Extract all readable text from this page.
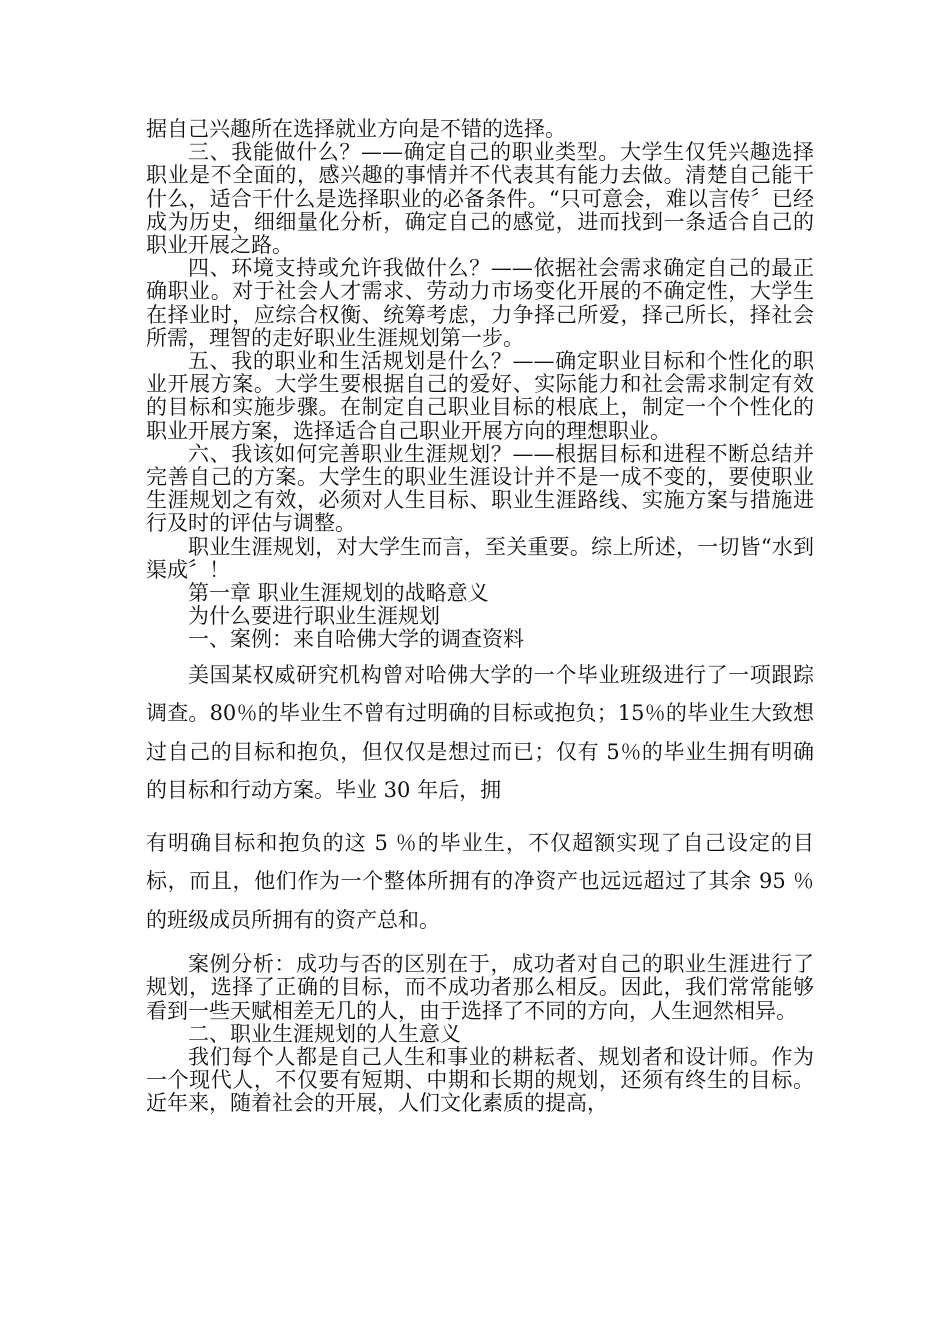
据自己兴趣所在选择就业方向是不错的选择。

三、我能做什么？——确定自己的职业类型。大学生仅凭兴趣选择职业是不全面的，感兴趣的事情并不代表其有能力去做。清楚自己能干什么，适合干什么是选择职业的必备条件。“只可意会，难以言传〞已经成为历史，细细量化分析，确定自己的感觉，进而找到一条适合自己的职业开展之路。

四、环境支持或允许我做什么？——依据社会需求确定自己的最正确职业。对于社会人才需求、劳动力市场变化开展的不确定性，大学生在择业时，应综合权衡、统筹考虑，力争择己所爱，择己所长，择社会所需，理智的走好职业生涯规划第一步。

五、我的职业和生活规划是什么？——确定职业目标和个性化的职业开展方案。大学生要根据自己的爱好、实际能力和社会需求制定有效的目标和实施步骤。在制定自己职业目标的根底上，制定一个个性化的职业开展方案，选择适合自己职业开展方向的理想职业。

六、我该如何完善职业生涯规划？——根据目标和进程不断总结并完善自己的方案。大学生的职业生涯设计并不是一成不变的，要使职业生涯规划之有效，必须对人生目标、职业生涯路线、实施方案与措施进行及时的评估与调整。

职业生涯规划，对大学生而言，至关重要。综上所述，一切皆“水到渠成〞！

第一章 职业生涯规划的战略意义

为什么要进行职业生涯规划

一、案例：来自哈佛大学的调查资料

美国某权威研究机构曾对哈佛大学的一个毕业班级进行了一项跟踪调查。80％的毕业生不曾有过明确的目标或抱负；15％的毕业生大致想过自己的目标和抱负，但仅仅是想过而已；仅有 5％的毕业生拥有明确的目标和行动方案。毕业 30 年后，拥
有明确目标和抱负的这 5 ％的毕业生，不仅超额实现了自己设定的目标，而且，他们作为一个整体所拥有的净资产也远远超过了其余 95 ％的班级成员所拥有的资产总和。

案例分析：成功与否的区别在于，成功者对自己的职业生涯进行了规划，选择了正确的目标，而不成功者那么相反。因此，我们常常能够看到一些天赋相差无几的人，由于选择了不同的方向，人生迥然相异。

二、职业生涯规划的人生意义

我们每个人都是自己人生和事业的耕耘者、规划者和设计师。作为一个现代人，不仅要有短期、中期和长期的规划，还须有终生的目标。近年来，随着社会的开展，人们文化素质的提高，
